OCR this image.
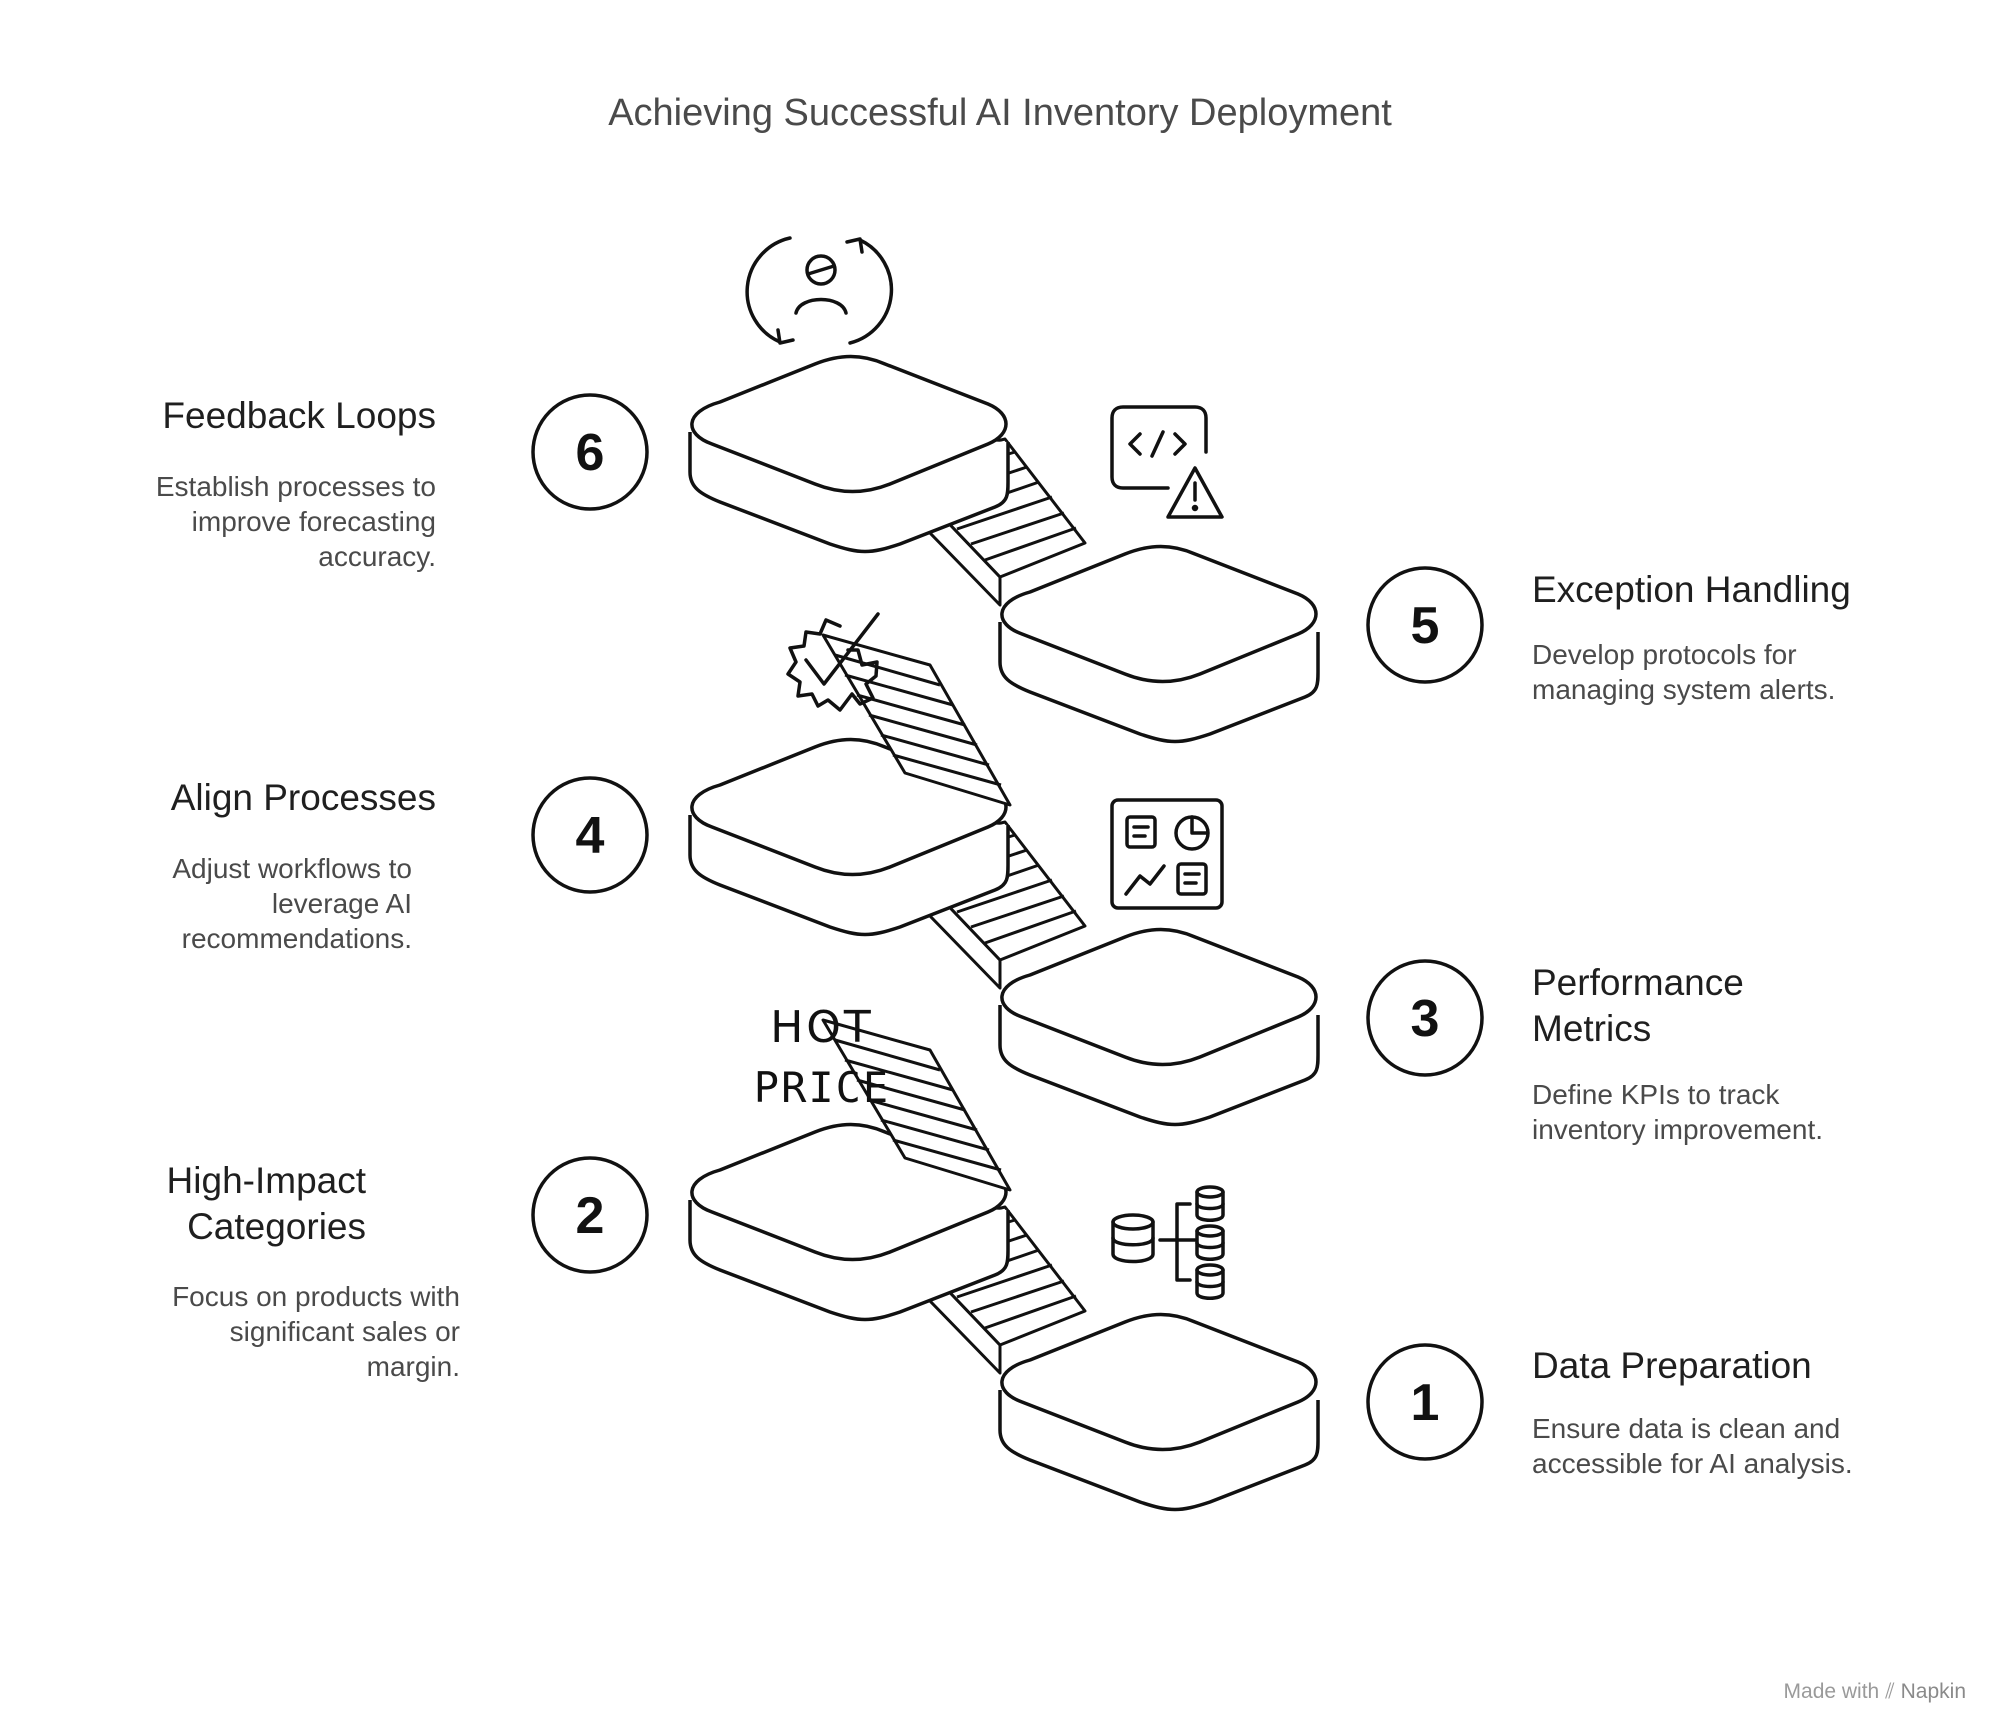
Achieving Successful AI Inventory Deployment
6
5
4
3
2
1
HOT
PRICE
Feedback Loops
Establish processes to improve forecasting accuracy.
Exception Handling
Develop protocols for managing system alerts.
Align Processes
Adjust workflows to leverage AI recommendations.
Performance Metrics
Define KPIs to track inventory improvement.
High-Impact Categories
Focus on products with significant sales or margin.	Data Preparation
Ensure data is clean and accessible for AI analysis.
Made with ⫽ Napkin
